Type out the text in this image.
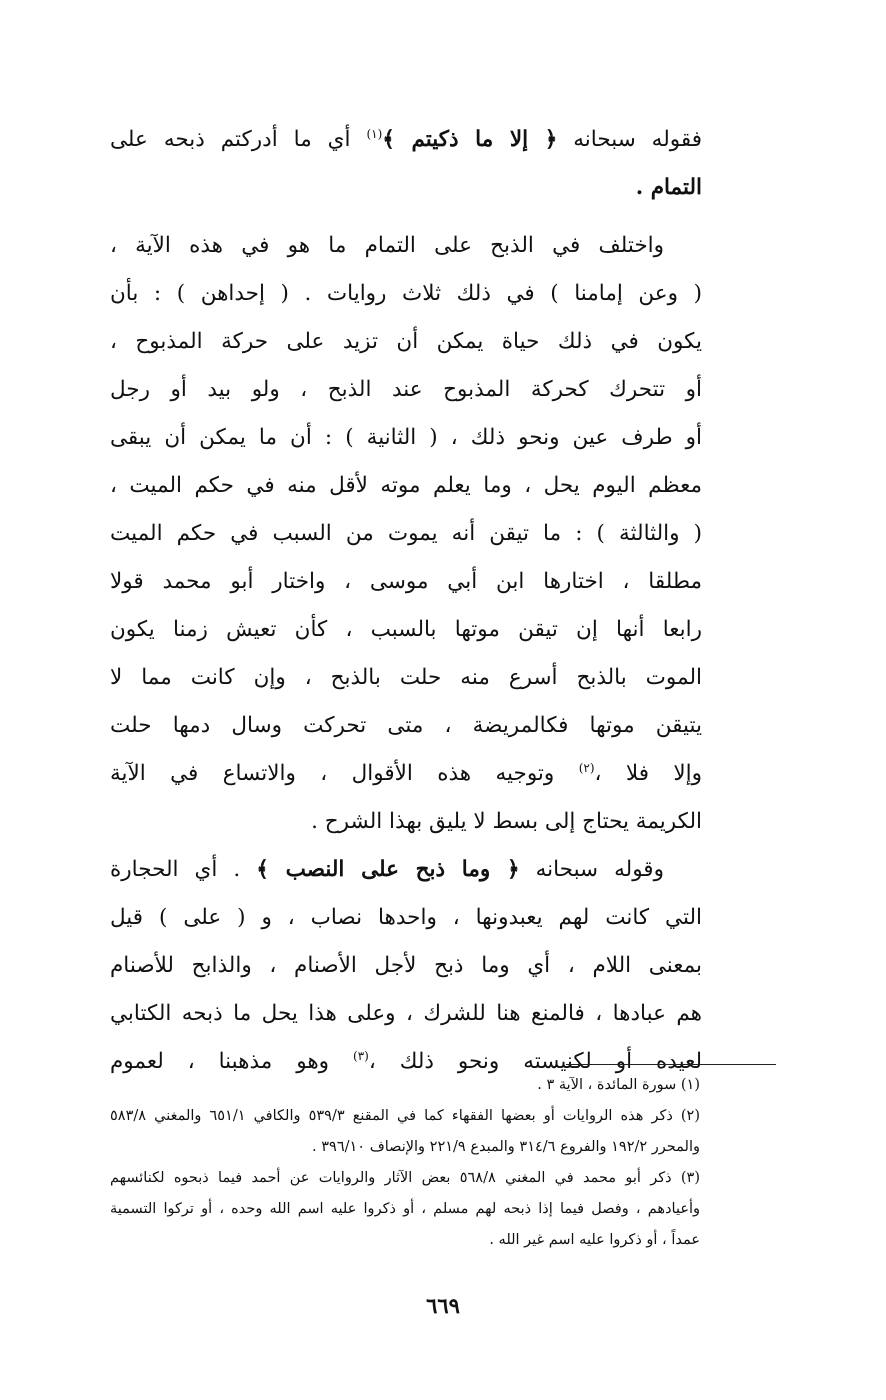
فقوله سبحانه ﴿ إلا ما ذكيتم ﴾$^{(١)}$ أي ما أدركتم ذبحه على
التمام .
واختلف في الذبح على التمام ما هو في هذه الآية ،
( وعن إمامنا ) في ذلك ثلاث روايات . ( إحداهن ) : بأن
يكون في ذلك حياة يمكن أن تزيد على حركة المذبوح ،
أو تتحرك كحركة المذبوح عند الذبح ، ولو بيد أو رجل
أو طرف عين ونحو ذلك ، ( الثانية ) : أن ما يمكن أن يبقى
معظم اليوم يحل ، وما يعلم موته لأقل منه في حكم الميت ،
( والثالثة ) : ما تيقن أنه يموت من السبب في حكم الميت
مطلقا ، اختارها ابن أبي موسى ، واختار أبو محمد قولا
رابعا أنها إن تيقن موتها بالسبب ، كأن تعيش زمنا يكون
الموت بالذبح أسرع منه حلت بالذبح ، وإن كانت مما لا
يتيقن موتها فكالمريضة ، متى تحركت وسال دمها حلت
وإلا فلا ،$^{(٢)}$ وتوجيه هذه الأقوال ، والاتساع في الآية
الكريمة يحتاج إلى بسط لا يليق بهذا الشرح .
وقوله سبحانه ﴿ وما ذبح على النصب ﴾ . أي الحجارة
التي كانت لهم يعبدونها ، واحدها نصاب ، و ( على ) قيل
بمعنى اللام ، أي وما ذبح لأجل الأصنام ، والذابح للأصنام
هم عبادها ، فالمنع هنا للشرك ، وعلى هذا يحل ما ذبحه الكتابي
لعيده أو لكنيسته ونحو ذلك ،$^{(٣)}$ وهو مذهبنا ، لعموم
(١) سورة المائدة ، الآية ٣ .
(٢) ذكر هذه الروايات أو بعضها الفقهاء كما في المقنع ٥٣٩/٣ والكافي ٦٥١/١ والمغني ٥٨٣/٨
والمحرر ١٩٢/٢ والفروع ٣١٤/٦ والمبدع ٢٢١/٩ والإنصاف ٣٩٦/١٠ .
(٣) ذكر أبو محمد في المغني ٥٦٨/٨ بعض الآثار والروايات عن أحمد فيما ذبحوه لكنائسهم
وأعيادهم ، وفصل فيما إذا ذبحه لهم مسلم ، أو ذكروا عليه اسم الله وحده ، أو تركوا التسمية
عمداً ، أو ذكروا عليه اسم غير الله .
٦٦٩
